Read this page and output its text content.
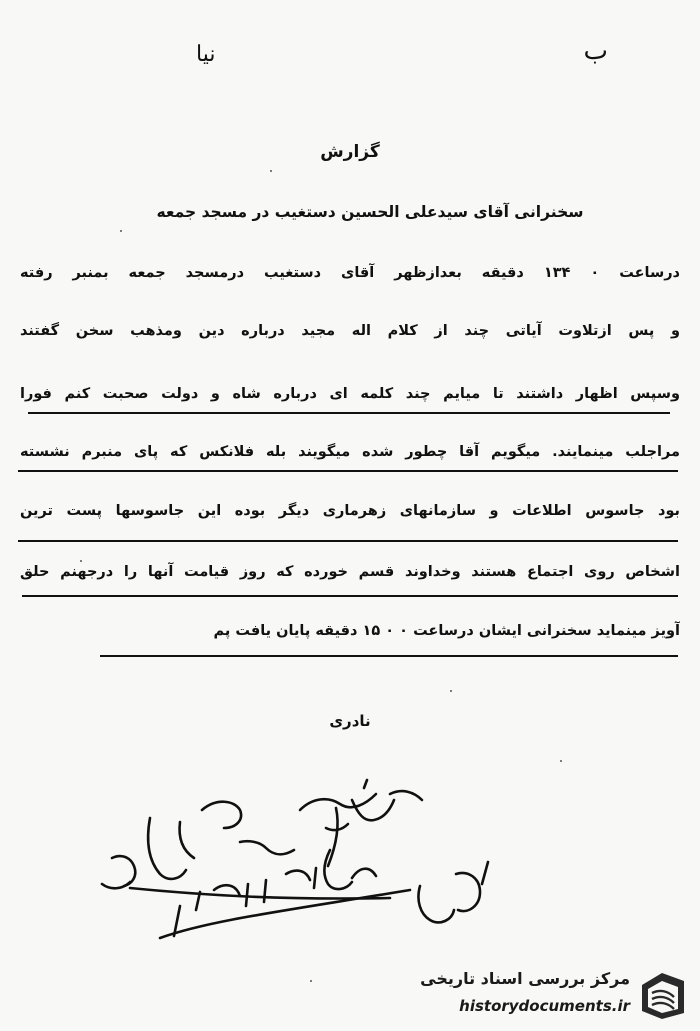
ب
نیا
گزارش
سخنرانی آقای سیدعلی الحسین دستغیب در مسجد جمعه
درساعت ۰ ۱۳۴ دقیقه بعدازظهر آقای دستغیب درمسجد جمعه بمنبر رفته
و پس ازتلاوت آیاتی چند از کلام اله مجید درباره دین ومذهب سخن گفتند
وسپس اظهار داشتند تا میایم چند کلمه ای درباره شاه و دولت صحبت کنم فورا
مراجلب مینمایند. میگویم آقا چطور شده میگویند بله فلانکس که پای منبرم نشسته
بود جاسوس اطلاعات و سازمانهای زهرماری دیگر بوده این جاسوسها پست ترین
اشخاص روی اجتماع هستند وخداوند قسم خورده که روز قیامت آنها را درجهنم حلق
آویز مینماید سخنرانی ایشان درساعت ۰ ۰ ۱۵ دقیقه پایان یافت پم
نادری
مرکز بررسی اسناد تاریخی
historydocuments.ir
